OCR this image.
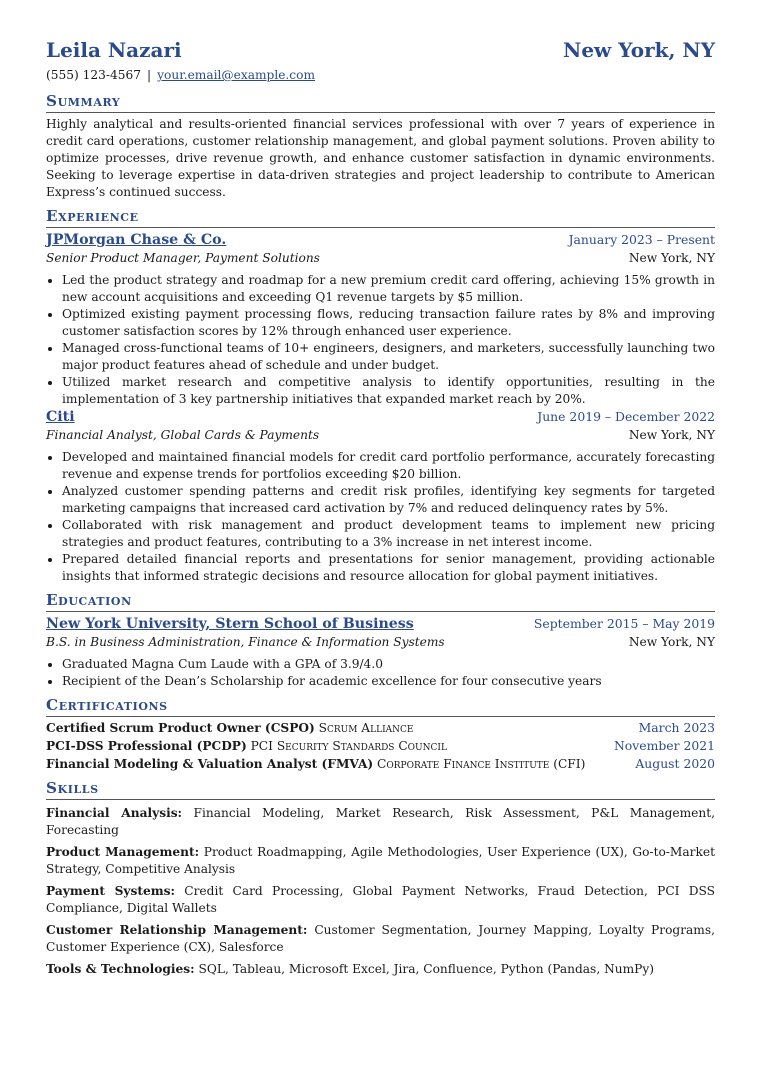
Leila Nazari	New York, NY
(555) 123-4567 | your.email@example.com
Summary
Highly analytical and results-oriented financial services professional with over 7 years of experience in credit card operations, customer relationship management, and global payment solutions. Proven ability to optimize processes, drive revenue growth, and enhance customer satisfaction in dynamic environments. Seeking to leverage expertise in data-driven strategies and project leadership to contribute to American Express’s continued success.
Experience
JPMorgan Chase & Co.	January 2023 – Present
Senior Product Manager, Payment Solutions	New York, NY
• Led the product strategy and roadmap for a new premium credit card offering, achieving 15% growth in new account acquisitions and exceeding Q1 revenue targets by $5 million.
• Optimized existing payment processing flows, reducing transaction failure rates by 8% and improving customer satisfaction scores by 12% through enhanced user experience.
• Managed cross-functional teams of 10+ engineers, designers, and marketers, successfully launching two major product features ahead of schedule and under budget.
• Utilized market research and competitive analysis to identify opportunities, resulting in the implementation of 3 key partnership initiatives that expanded market reach by 20%.
Citi	June 2019 – December 2022
Financial Analyst, Global Cards & Payments	New York, NY
• Developed and maintained financial models for credit card portfolio performance, accurately forecasting revenue and expense trends for portfolios exceeding $20 billion.
• Analyzed customer spending patterns and credit risk profiles, identifying key segments for targeted marketing campaigns that increased card activation by 7% and reduced delinquency rates by 5%.
• Collaborated with risk management and product development teams to implement new pricing strategies and product features, contributing to a 3% increase in net interest income.
• Prepared detailed financial reports and presentations for senior management, providing actionable insights that informed strategic decisions and resource allocation for global payment initiatives.
Education
New York University, Stern School of Business	September 2015 – May 2019
B.S. in Business Administration, Finance & Information Systems	New York, NY
• Graduated Magna Cum Laude with a GPA of 3.9/4.0
• Recipient of the Dean’s Scholarship for academic excellence for four consecutive years
Certifications
Certified Scrum Product Owner (CSPO) Scrum Alliance	March 2023
PCI-DSS Professional (PCDP) PCI Security Standards Council	November 2021
Financial Modeling & Valuation Analyst (FMVA) Corporate Finance Institute (CFI)	August 2020
Skills
Financial Analysis: Financial Modeling, Market Research, Risk Assessment, P&L Management, Forecasting
Product Management: Product Roadmapping, Agile Methodologies, User Experience (UX), Go-to-Market Strategy, Competitive Analysis
Payment Systems: Credit Card Processing, Global Payment Networks, Fraud Detection, PCI DSS Compliance, Digital Wallets
Customer Relationship Management: Customer Segmentation, Journey Mapping, Loyalty Programs, Customer Experience (CX), Salesforce
Tools & Technologies: SQL, Tableau, Microsoft Excel, Jira, Confluence, Python (Pandas, NumPy)
